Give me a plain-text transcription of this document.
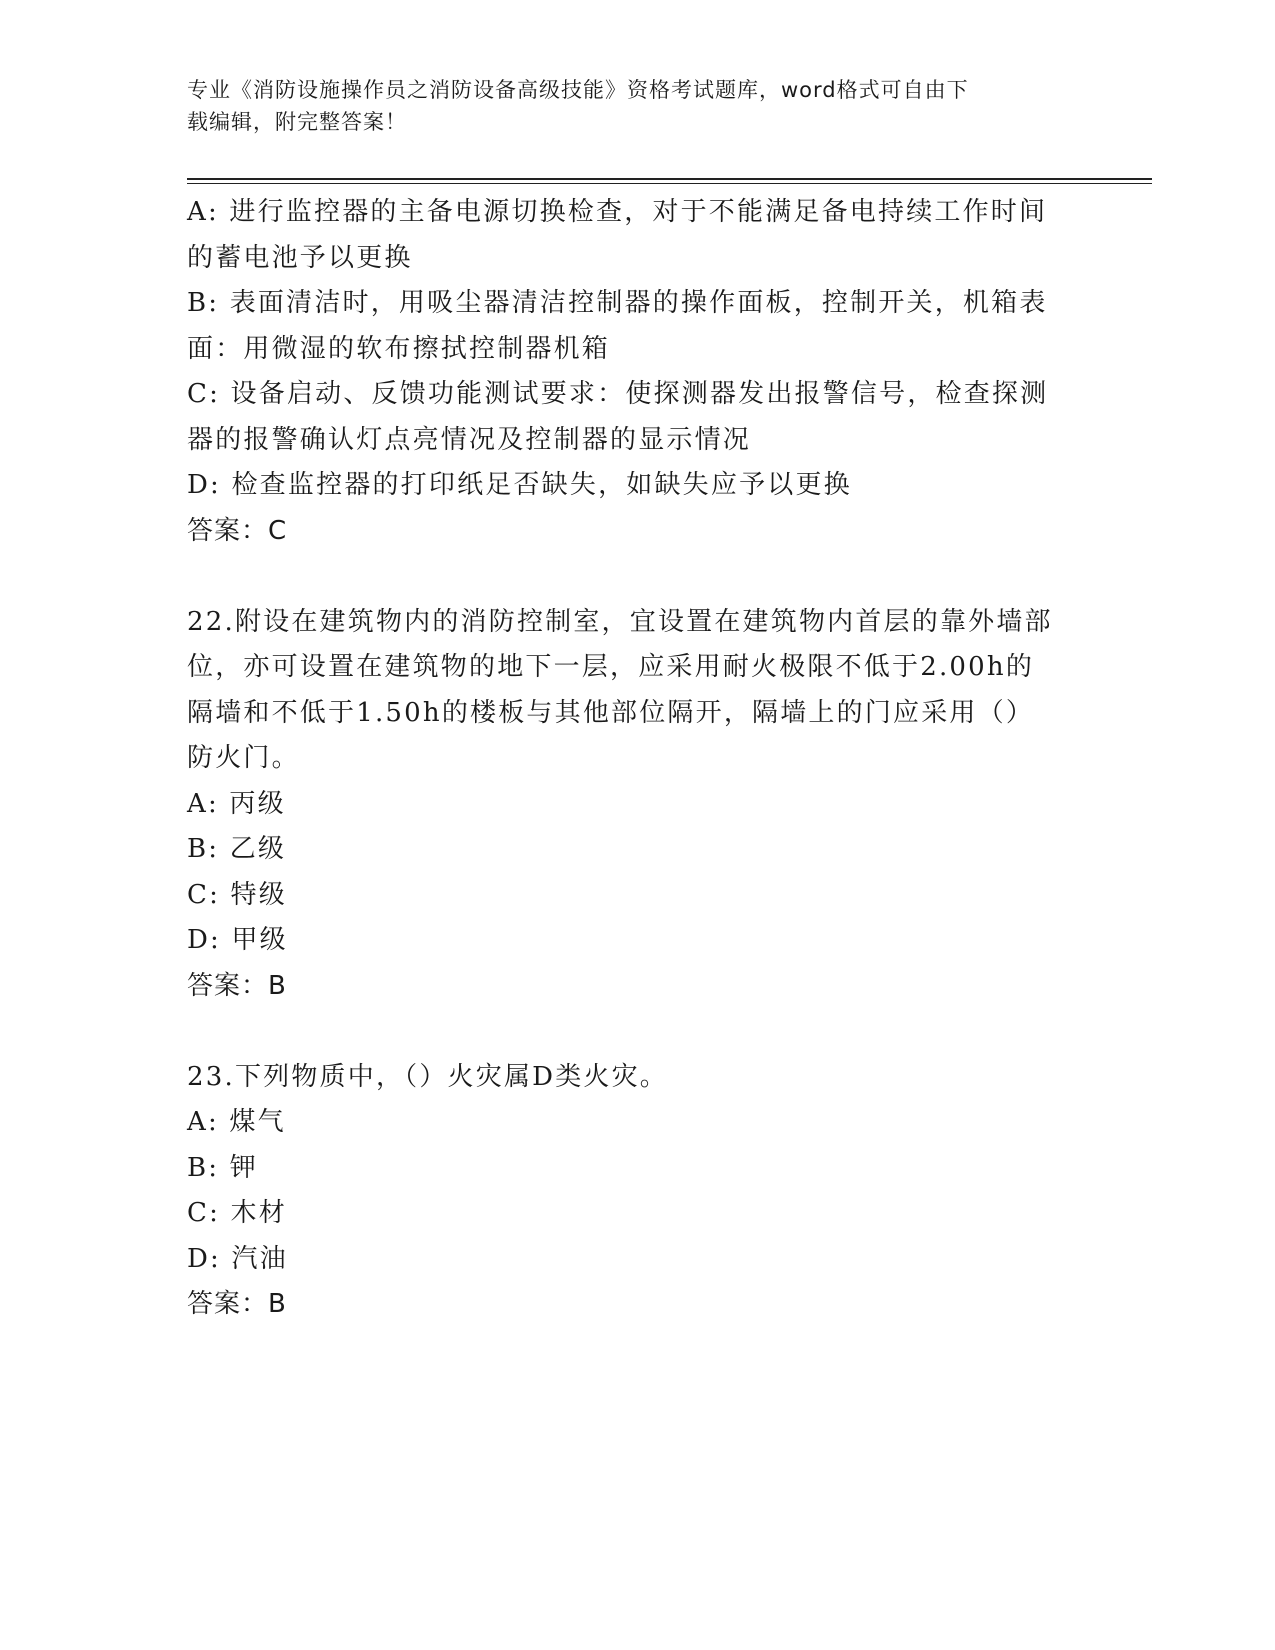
专业《消防设施操作员之消防设备高级技能》资格考试题库，word格式可自由下
载编辑，附完整答案！
A: 进行监控器的主备电源切换检查，对于不能满足备电持续工作时间
的蓄电池予以更换
B: 表面清洁时，用吸尘器清洁控制器的操作面板，控制开关，机箱表
面：用微湿的软布擦拭控制器机箱
C: 设备启动、反馈功能测试要求：使探测器发出报警信号，检查探测
器的报警确认灯点亮情况及控制器的显示情况
D: 检查监控器的打印纸足否缺失，如缺失应予以更换
答案：C
22.附设在建筑物内的消防控制室，宜设置在建筑物内首层的靠外墙部
位，亦可设置在建筑物的地下一层，应采用耐火极限不低于2.00h的
隔墙和不低于1.50h的楼板与其他部位隔开，隔墙上的门应采用（）
防火门。
A: 丙级
B: 乙级
C: 特级
D: 甲级
答案：B
23.下列物质中，（）火灾属D类火灾。
A: 煤气
B: 钾
C: 木材
D: 汽油
答案：B
